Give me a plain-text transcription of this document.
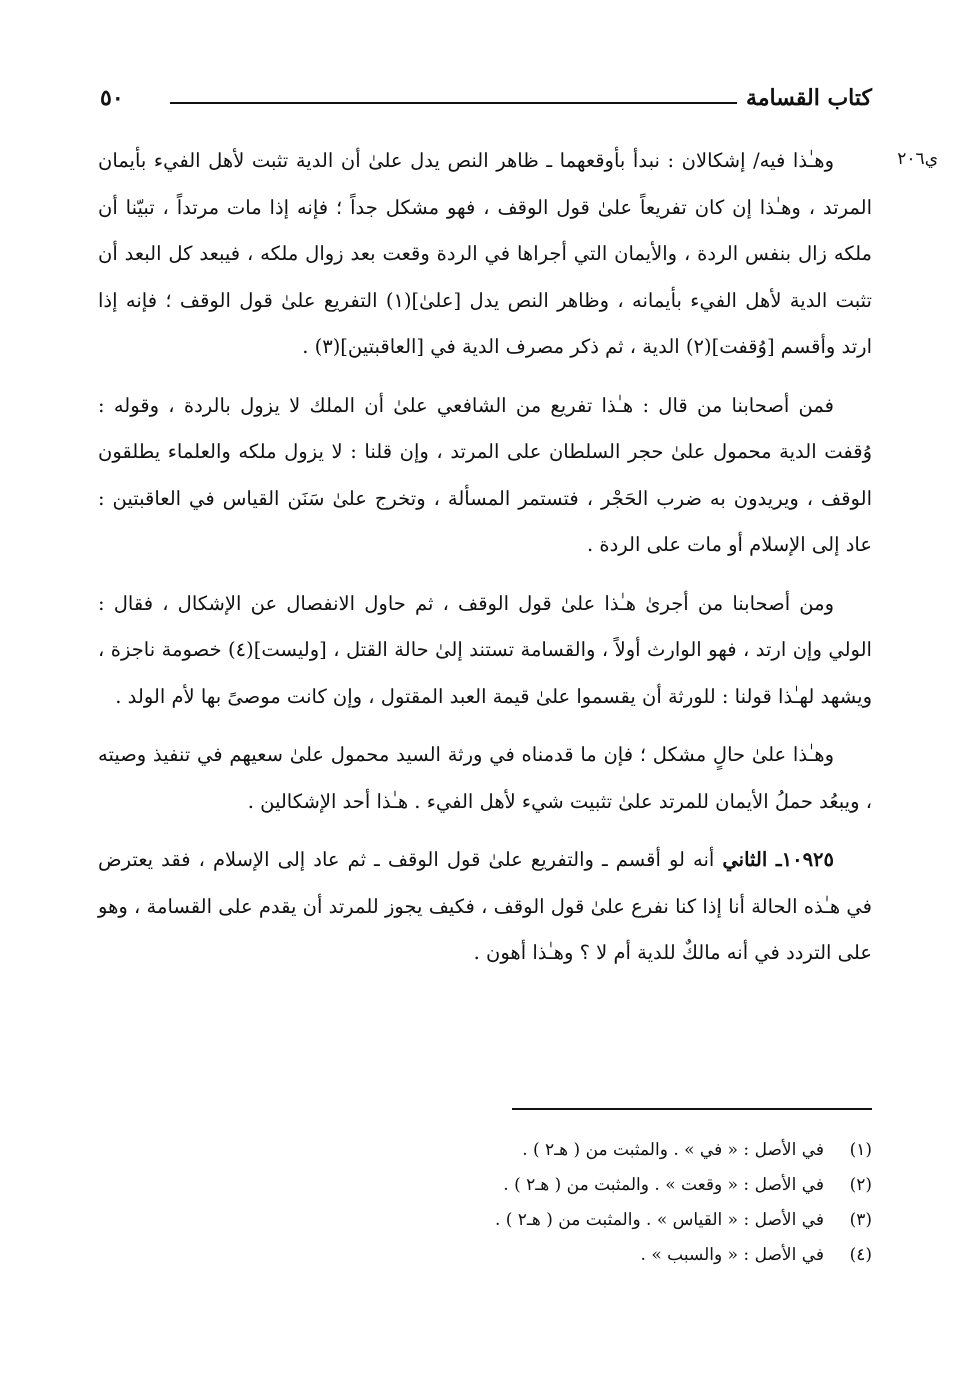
كتاب القسامة
٥٠
ي٢٠٦

وهـٰذا فيه/ إشكالان : نبدأ بأوقعهما ـ ظاهر النص يدل علىٰ أن الدية تثبت لأهل الفيء بأيمان المرتد ، وهـٰذا إن كان تفريعاً علىٰ قول الوقف ، فهو مشكل جداً ؛ فإنه إذا مات مرتداً ، تبيّنا أن ملكه زال بنفس الردة ، والأيمان التي أجراها في الردة وقعت بعد زوال ملكه ، فيبعد كل البعد أن تثبت الدية لأهل الفيء بأيمانه ، وظاهر النص يدل [علىٰ](١) التفريع علىٰ قول الوقف ؛ فإنه إذا ارتد وأقسم [وُقفت](٢) الدية ، ثم ذكر مصرف الدية في [العاقبتين](٣) .

فمن أصحابنا من قال : هـٰذا تفريع من الشافعي علىٰ أن الملك لا يزول بالردة ، وقوله : وُقفت الدية محمول علىٰ حجر السلطان على المرتد ، وإن قلنا : لا يزول ملكه والعلماء يطلقون الوقف ، ويريدون به ضرب الحَجْر ، فتستمر المسألة ، وتخرج علىٰ سَنَن القياس في العاقبتين : عاد إلى الإسلام أو مات على الردة .

ومن أصحابنا من أجرىٰ هـٰذا علىٰ قول الوقف ، ثم حاول الانفصال عن الإشكال ، فقال : الولي وإن ارتد ، فهو الوارث أولاً ، والقسامة تستند إلىٰ حالة القتل ، [وليست](٤) خصومة ناجزة ، ويشهد لهـٰذا قولنا : للورثة أن يقسموا علىٰ قيمة العبد المقتول ، وإن كانت موصىً بها لأم الولد .

وهـٰذا علىٰ حالٍ مشكل ؛ فإن ما قدمناه في ورثة السيد محمول علىٰ سعيهم في تنفيذ وصيته ، ويبعُد حملُ الأيمان للمرتد علىٰ تثبيت شيء لأهل الفيء . هـٰذا أحد الإشكالين .

١٠٩٢٥ـ الثاني أنه لو أقسم ـ والتفريع علىٰ قول الوقف ـ ثم عاد إلى الإسلام ، فقد يعترض في هـٰذه الحالة أنا إذا كنا نفرع علىٰ قول الوقف ، فكيف يجوز للمرتد أن يقدم على القسامة ، وهو على التردد في أنه مالكٌ للدية أم لا ؟ وهـٰذا أهون .

(١)في الأصل : « في » . والمثبت من ( هـ٢ ) .
(٢)في الأصل : « وقعت » . والمثبت من ( هـ٢ ) .
(٣)في الأصل : « القياس » . والمثبت من ( هـ٢ ) .
(٤)في الأصل : « والسبب » .
